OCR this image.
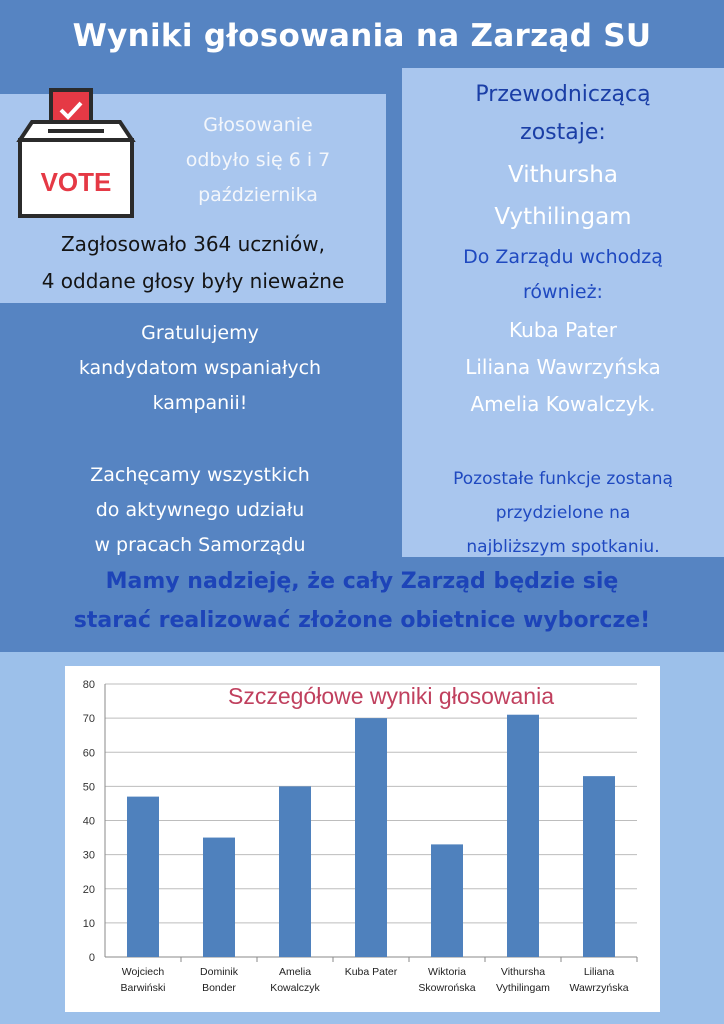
Wyniki głosowania na Zarząd SU
VOTE
Głosowanie
odbyło się 6 i 7
października
Zagłosowało 364 uczniów,
4 oddane głosy były nieważne
Gratulujemy
kandydatom wspaniałych
kampanii!
Zachęcamy wszystkich
do aktywnego udziału
w pracach Samorządu
Przewodniczącą
zostaje:
Vithursha
Vythilingam
Do Zarządu wchodzą
również:
Kuba Pater
Liliana Wawrzyńska
Amelia Kowalczyk.
Pozostałe funkcje zostaną
przydzielone na
najbliższym spotkaniu.
Mamy nadzieję, że cały Zarząd będzie się
starać realizować złożone obietnice wyborcze!
0
10
20
30
40
50
60
70
80
Wojciech
Barwiński
Dominik
Bonder
Amelia
Kowalczyk
Kuba Pater	Wiktoria
Skowrońska
Vithursha
Vythilingam
Liliana
Wawrzyńska
Szczegółowe wyniki głosowania
